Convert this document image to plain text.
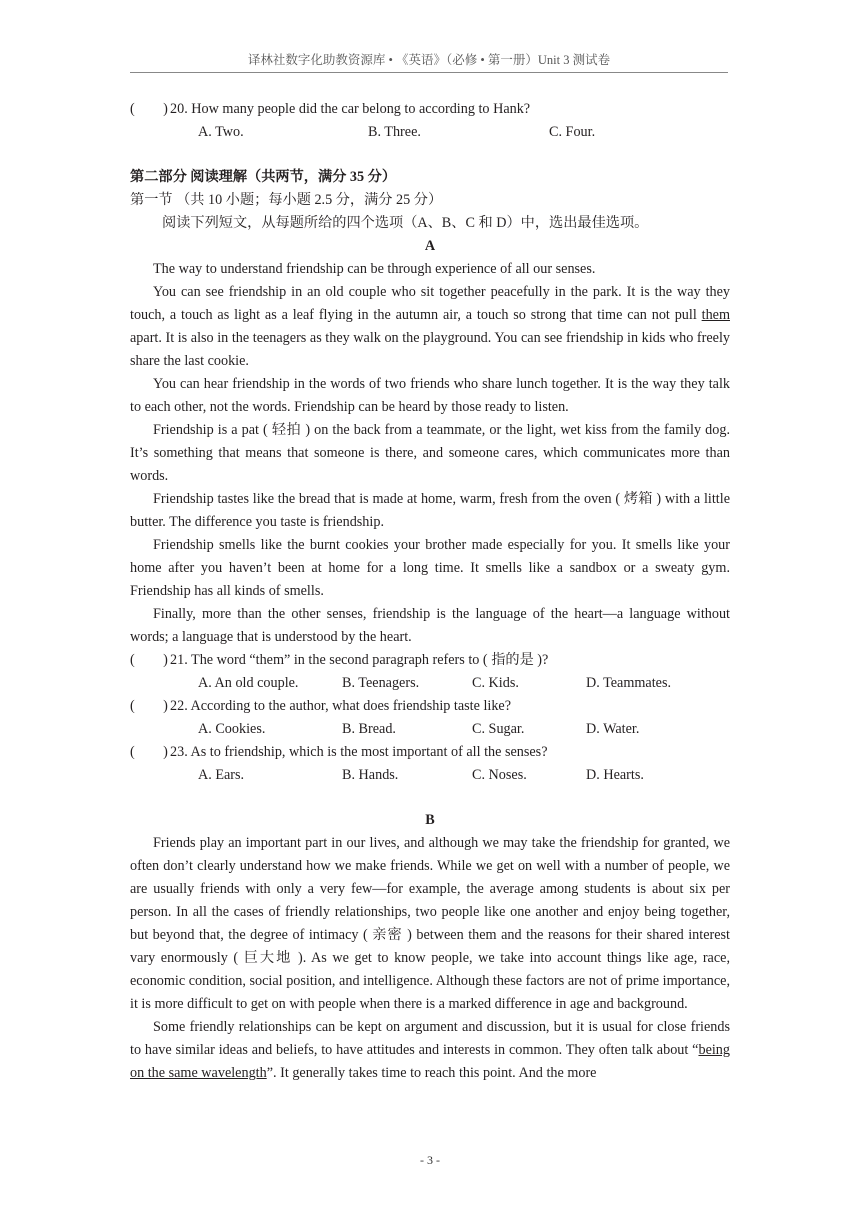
译林社数字化助教资源库 • 《英语》（必修 • 第一册）Unit 3 测试卷
(　　) 20. How many people did the car belong to according to Hank?
A. Two.	B. Three.	C. Four.
第二部分 阅读理解（共两节，满分 35 分）
第一节 （共 10 小题；每小题 2.5 分，满分 25 分）
阅读下列短文，从每题所给的四个选项（A、B、C 和 D）中，选出最佳选项。
A

The way to understand friendship can be through experience of all our senses.

You can see friendship in an old couple who sit together peacefully in the park. It is the way they touch, a touch as light as a leaf flying in the autumn air, a touch so strong that time can not pull them apart. It is also in the teenagers as they walk on the playground. You can see friendship in kids who freely share the last cookie.

You can hear friendship in the words of two friends who share lunch together. It is the way they talk to each other, not the words. Friendship can be heard by those ready to listen.

Friendship is a pat ( 轻拍 ) on the back from a teammate, or the light, wet kiss from the family dog. It’s something that means that someone is there, and someone cares, which communicates more than words.

Friendship tastes like the bread that is made at home, warm, fresh from the oven ( 烤箱 ) with a little butter. The difference you taste is friendship.

Friendship smells like the burnt cookies your brother made especially for you. It smells like your home after you haven’t been at home for a long time. It smells like a sandbox or a sweaty gym. Friendship has all kinds of smells.

Finally, more than the other senses, friendship is the language of the heart—a language without words; a language that is understood by the heart.

(　　) 21. The word “them” in the second paragraph refers to ( 指的是 )?
A. An old couple.	B. Teenagers.	C. Kids.	D. Teammates.
(　　) 22. According to the author, what does friendship taste like?
A. Cookies.	B. Bread.	C. Sugar.	D. Water.
(　　) 23. As to friendship, which is the most important of all the senses?
A. Ears.	B. Hands.	C. Noses.	D. Hearts.
B

Friends play an important part in our lives, and although we may take the friendship for granted, we often don’t clearly understand how we make friends. While we get on well with a number of people, we are usually friends with only a very few—for example, the average among students is about six per person. In all the cases of friendly relationships, two people like one another and enjoy being together, but beyond that, the degree of intimacy ( 亲密 ) between them and the reasons for their shared interest vary enormously ( 巨大地 ). As we get to know people, we take into account things like age, race, economic condition, social position, and intelligence. Although these factors are not of prime importance, it is more difficult to get on with people when there is a marked difference in age and background.

Some friendly relationships can be kept on argument and discussion, but it is usual for close friends to have similar ideas and beliefs, to have attitudes and interests in common. They often talk about “being on the same wavelength”. It generally takes time to reach this point. And the more

- 3 -
